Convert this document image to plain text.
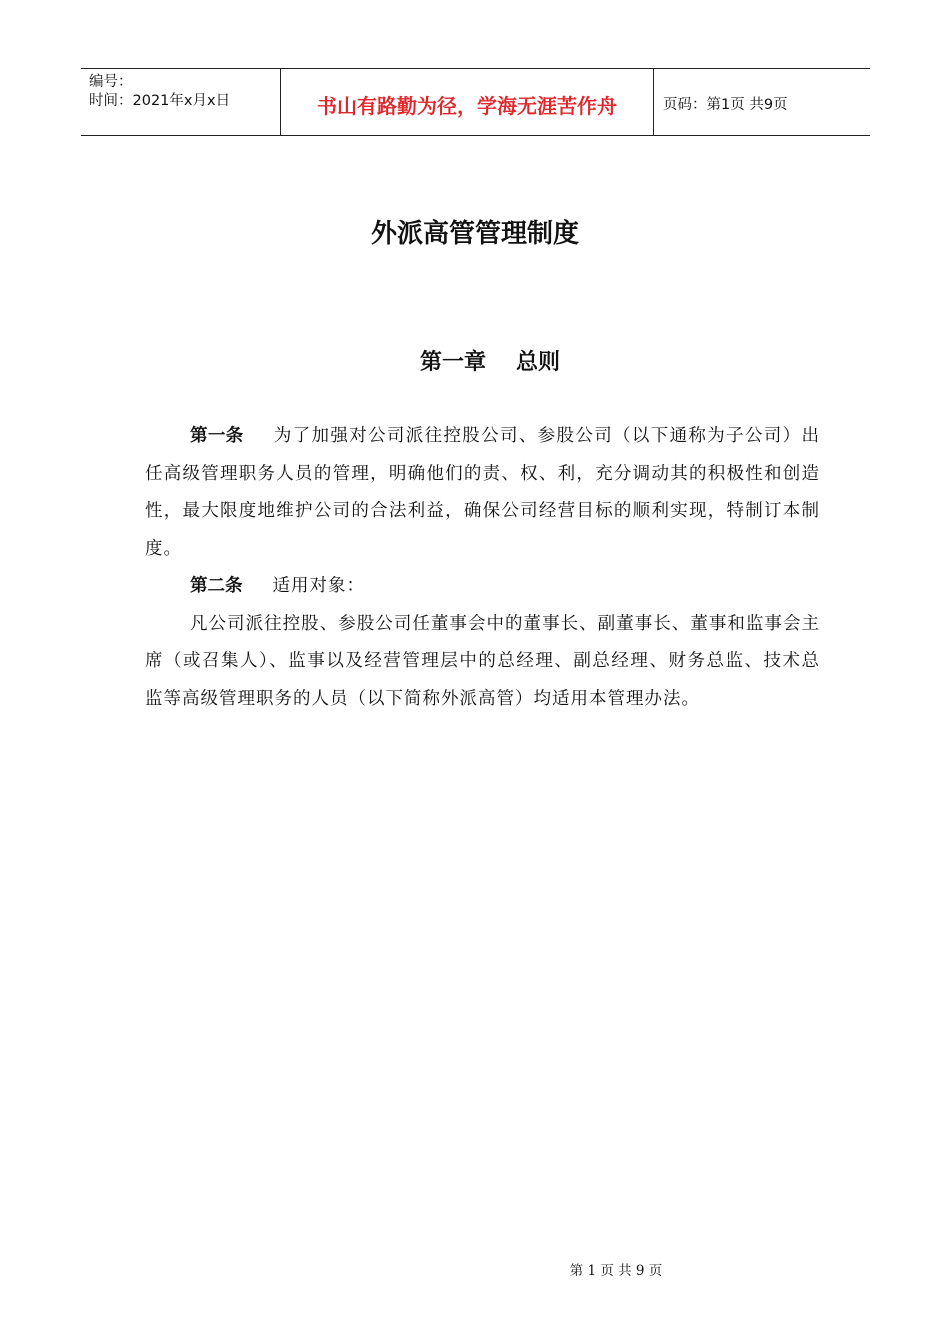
编号：
时间：2021年x月x日	书山有路勤为径，学海无涯苦作舟	页码：第1页 共9页
外派高管管理制度
第一章 总则

第一条 为了加强对公司派往控股公司、参股公司（以下通称为子公司）出任高级管理职务人员的管理，明确他们的责、权、利，充分调动其的积极性和创造性，最大限度地维护公司的合法利益，确保公司经营目标的顺利实现，特制订本制度。

第二条 适用对象：

凡公司派往控股、参股公司任董事会中的董事长、副董事长、董事和监事会主席（或召集人）、监事以及经营管理层中的总经理、副总经理、财务总监、技术总监等高级管理职务的人员（以下简称外派高管）均适用本管理办法。

第 1 页 共 9 页
